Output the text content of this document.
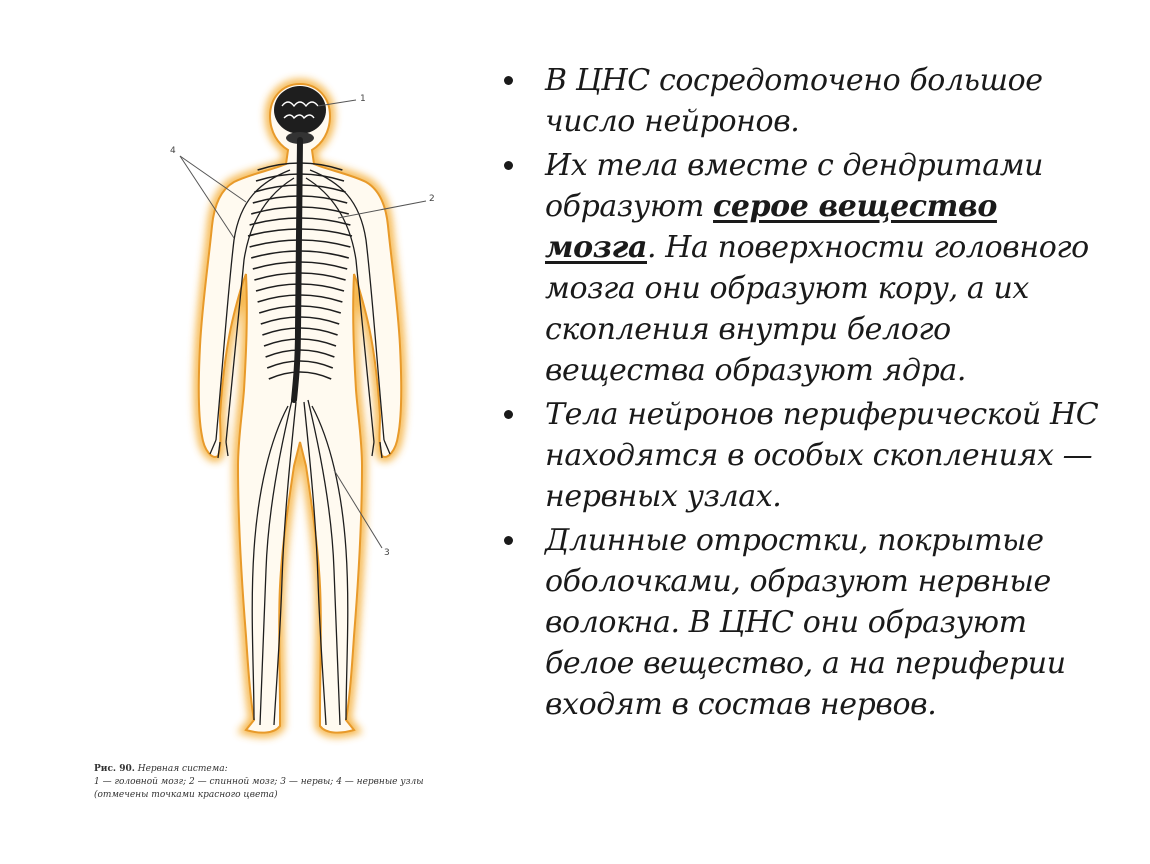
1
2
3
4
Рис. 90. Нервная система:
1 — головной мозг; 2 — спинной мозг; 3 — нервы; 4 — нервные узлы (отмечены точками красного цвета)
В ЦНС сосредоточено большое число нейронов.
Их тела вместе с дендритами образуют серое вещество мозга. На поверхности головного мозга они образуют кору, а их скопления внутри белого вещества образуют ядра.
Тела нейронов периферической НС находятся в особых скоплениях — нервных узлах.
Длинные отростки, покрытые оболочками, образуют нервные волокна. В ЦНС они образуют белое вещество, а на периферии входят в состав нервов.
